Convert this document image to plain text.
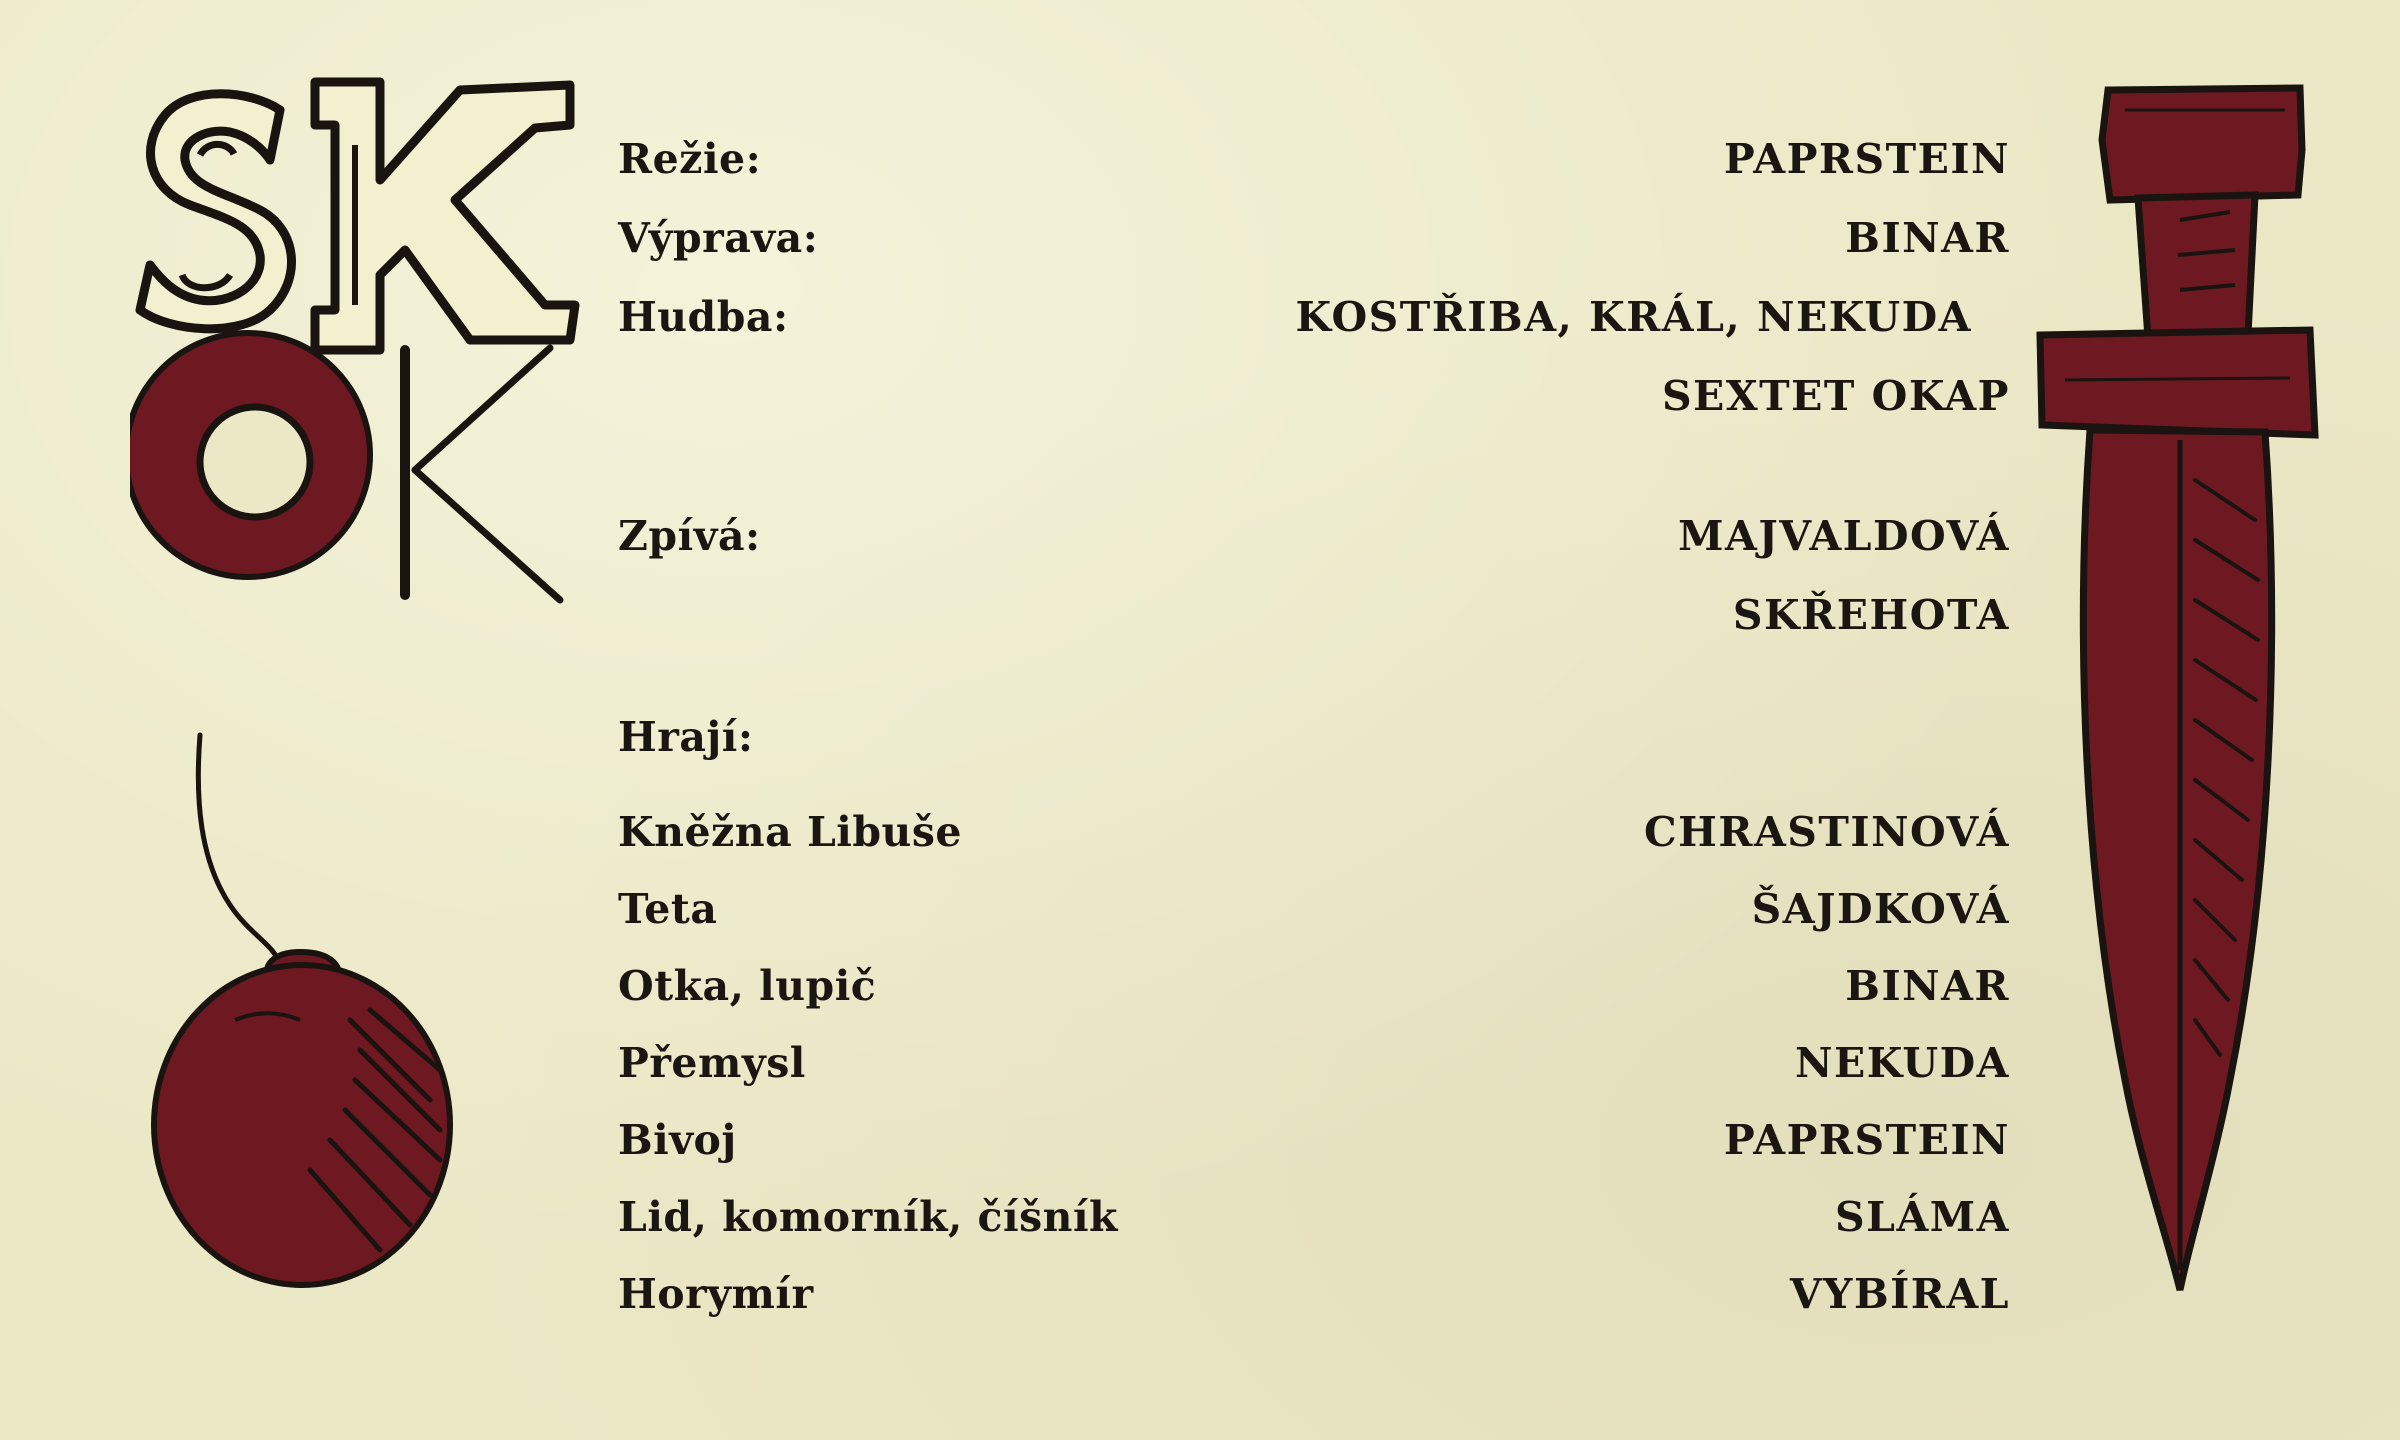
Režie:	PAPRSTEIN
Výprava:	BINAR
Hudba:	KOSTŘIBA, KRÁL, NEKUDA
SEXTET OKAP
Zpívá:	MAJVALDOVÁ
SKŘEHOTA
Hrají:
Kněžna Libuše	CHRASTINOVÁ
Teta	ŠAJDKOVÁ
Otka, lupič	BINAR
Přemysl	NEKUDA
Bivoj	PAPRSTEIN
Lid, komorník, číšník	SLÁMA
Horymír	VYBÍRAL
